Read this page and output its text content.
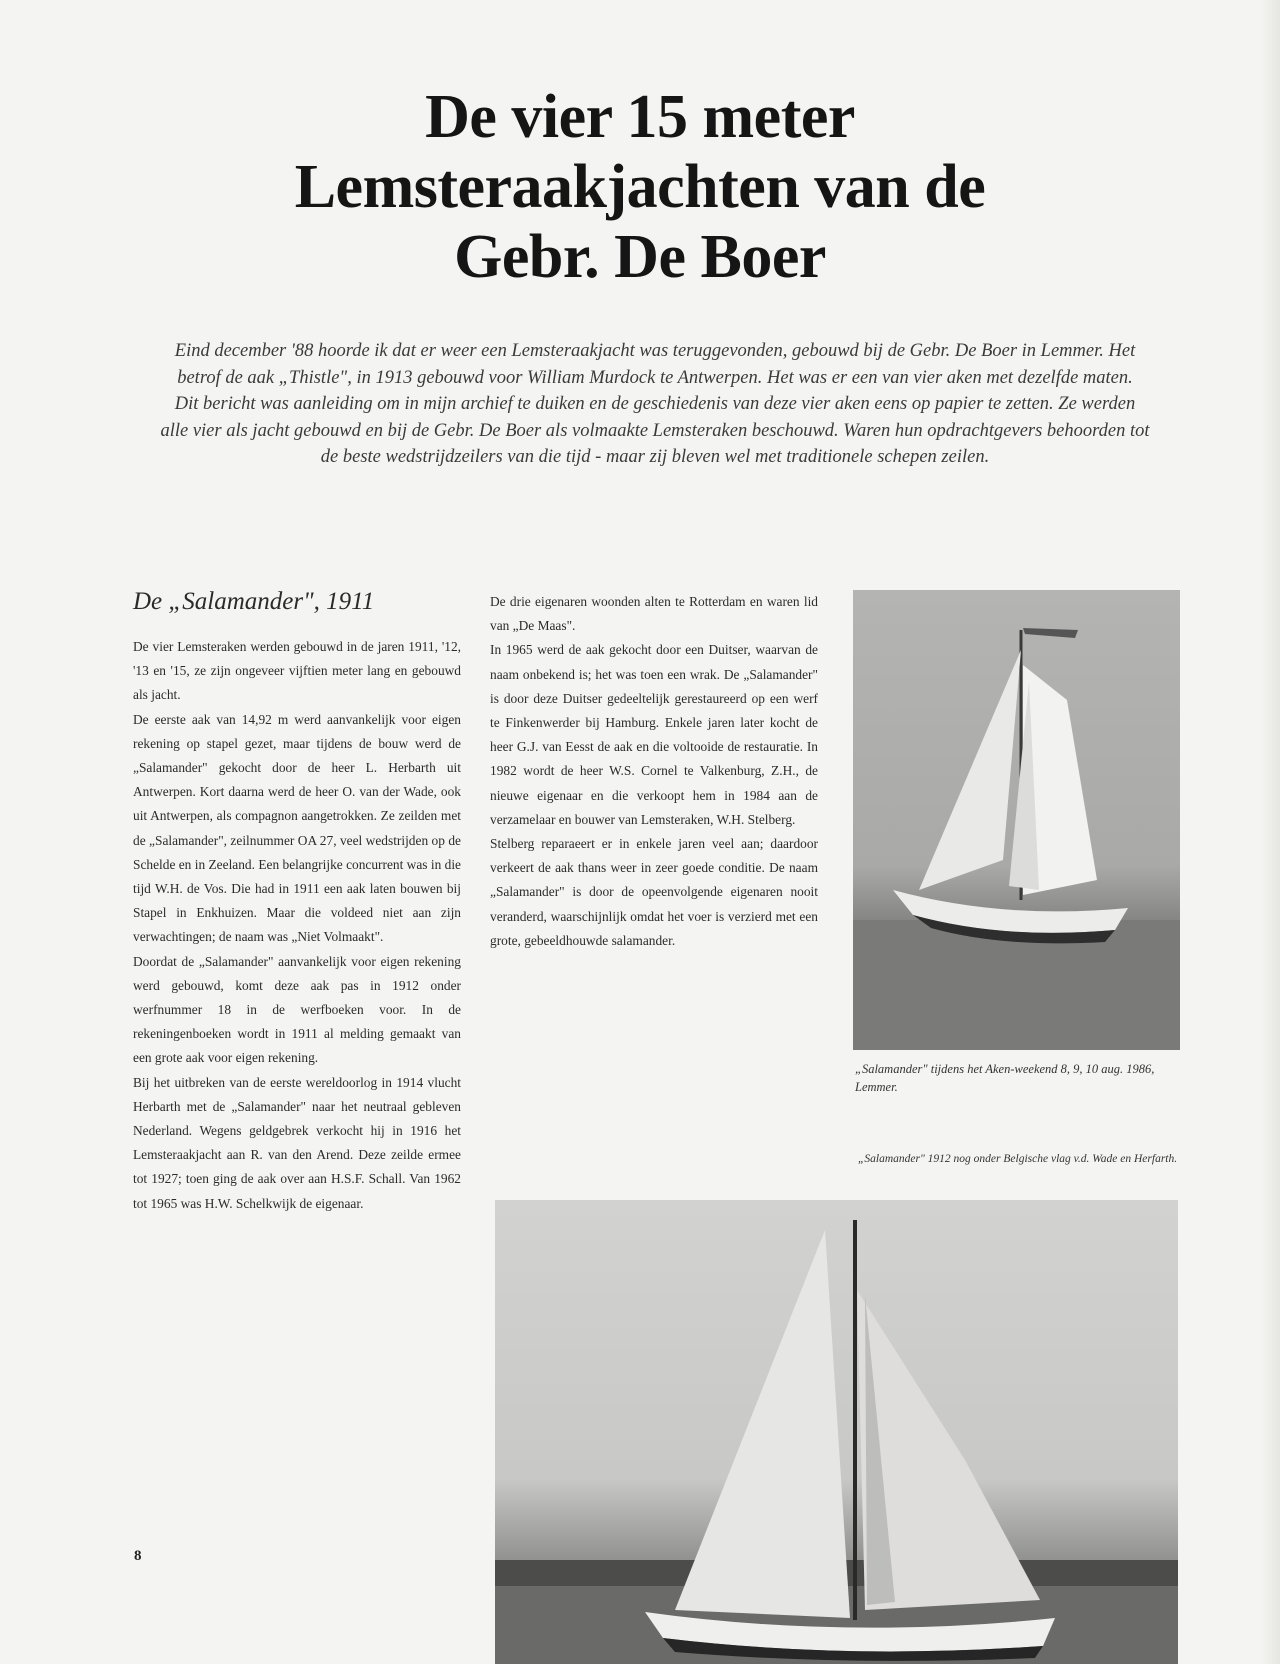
De vier 15 meter
Lemsteraakjachten van de
Gebr. De Boer

Eind december '88 hoorde ik dat er weer een Lemsteraakjacht was teruggevonden, gebouwd bij de Gebr. De Boer in Lemmer. Het betrof de aak „Thistle", in 1913 gebouwd voor William Murdock te Antwerpen. Het was er een van vier aken met dezelfde maten.

Dit bericht was aanleiding om in mijn archief te duiken en de geschiedenis van deze vier aken eens op papier te zetten. Ze werden alle vier als jacht gebouwd en bij de Gebr. De Boer als volmaakte Lemsteraken beschouwd. Waren hun opdrachtgevers behoorden tot de beste wedstrijdzeilers van die tijd - maar zij bleven wel met traditionele schepen zeilen.

De „Salamander", 1911

De vier Lemsteraken werden gebouwd in de jaren 1911, '12, '13 en '15, ze zijn ongeveer vijftien meter lang en gebouwd als jacht.

De eerste aak van 14,92 m werd aanvankelijk voor eigen rekening op stapel gezet, maar tijdens de bouw werd de „Salamander" gekocht door de heer L. Herbarth uit Antwerpen. Kort daarna werd de heer O. van der Wade, ook uit Antwerpen, als compagnon aangetrokken. Ze zeilden met de „Salamander", zeilnummer OA 27, veel wedstrijden op de Schelde en in Zeeland. Een belangrijke concurrent was in die tijd W.H. de Vos. Die had in 1911 een aak laten bouwen bij Stapel in Enkhuizen. Maar die voldeed niet aan zijn verwachtingen; de naam was „Niet Volmaakt".

Doordat de „Salamander" aanvankelijk voor eigen rekening werd gebouwd, komt deze aak pas in 1912 onder werfnummer 18 in de werfboeken voor. In de rekeningenboeken wordt in 1911 al melding gemaakt van een grote aak voor eigen rekening.

Bij het uitbreken van de eerste wereldoorlog in 1914 vlucht Herbarth met de „Salamander" naar het neutraal gebleven Nederland. Wegens geldgebrek verkocht hij in 1916 het Lemsteraakjacht aan R. van den Arend. Deze zeilde ermee tot 1927; toen ging de aak over aan H.S.F. Schall. Van 1962 tot 1965 was H.W. Schelkwijk de eigenaar.

De drie eigenaren woonden alten te Rotterdam en waren lid van „De Maas".

In 1965 werd de aak gekocht door een Duitser, waarvan de naam onbekend is; het was toen een wrak. De „Salamander" is door deze Duitser gedeeltelijk gerestaureerd op een werf te Finkenwerder bij Hamburg. Enkele jaren later kocht de heer G.J. van Eesst de aak en die voltooide de restauratie. In 1982 wordt de heer W.S. Cornel te Valkenburg, Z.H., de nieuwe eigenaar en die verkoopt hem in 1984 aan de verzamelaar en bouwer van Lemsteraken, W.H. Stelberg.

Stelberg reparaeert er in enkele jaren veel aan; daardoor verkeert de aak thans weer in zeer goede conditie. De naam „Salamander" is door de opeenvolgende eigenaren nooit veranderd, waarschijnlijk omdat het voer is verzierd met een grote, gebeeldhouwde salamander.

„Salamander" tijdens het Aken-weekend 8, 9, 10 aug. 1986, Lemmer.
„Salamander" 1912 nog onder Belgische vlag v.d. Wade en Herfarth.
8
